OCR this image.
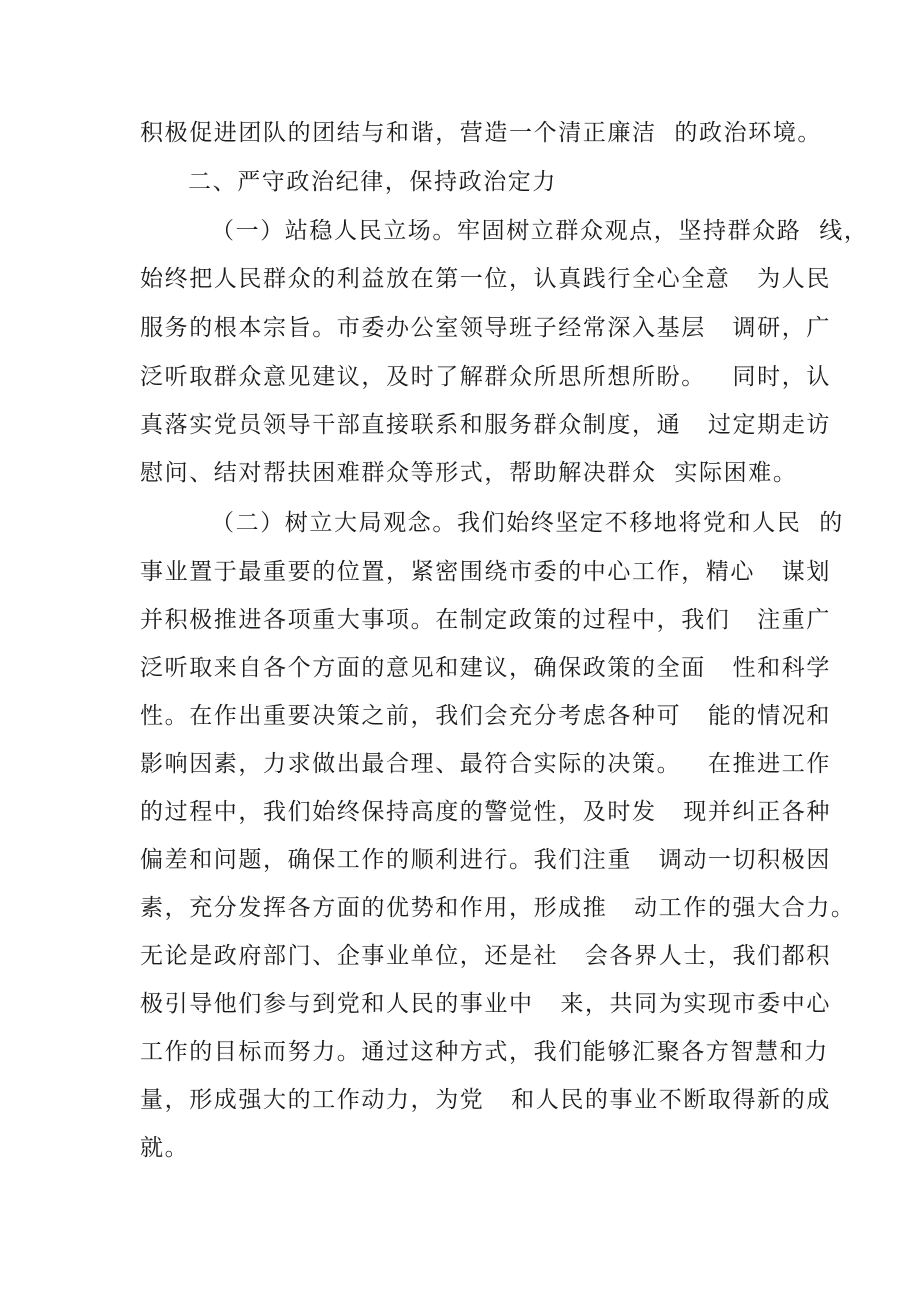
积极促进团队的团结与和谐，营造一个清正廉洁  的政治环境。
二、严守政治纪律，保持政治定力
（一）站稳人民立场。牢固树立群众观点，坚持群众路  线，
始终把人民群众的利益放在第一位，认真践行全心全意   为人民
服务的根本宗旨。市委办公室领导班子经常深入基层   调研，广
泛听取群众意见建议，及时了解群众所思所想所盼。   同时，认
真落实党员领导干部直接联系和服务群众制度，通   过定期走访
慰问、结对帮扶困难群众等形式，帮助解决群众  实际困难。
（二）树立大局观念。我们始终坚定不移地将党和人民  的
事业置于最重要的位置，紧密围绕市委的中心工作，精心   谋划
并积极推进各项重大事项。在制定政策的过程中，我们   注重广
泛听取来自各个方面的意见和建议，确保政策的全面   性和科学
性。在作出重要决策之前，我们会充分考虑各种可   能的情况和
影响因素，力求做出最合理、最符合实际的决策。   在推进工作
的过程中，我们始终保持高度的警觉性，及时发   现并纠正各种
偏差和问题，确保工作的顺利进行。我们注重   调动一切积极因
素，充分发挥各方面的优势和作用，形成推   动工作的强大合力。
无论是政府部门、企事业单位，还是社   会各界人士，我们都积
极引导他们参与到党和人民的事业中   来，共同为实现市委中心
工作的目标而努力。通过这种方式，我们能够汇聚各方智慧和力
量，形成强大的工作动力，为党   和人民的事业不断取得新的成
就。
